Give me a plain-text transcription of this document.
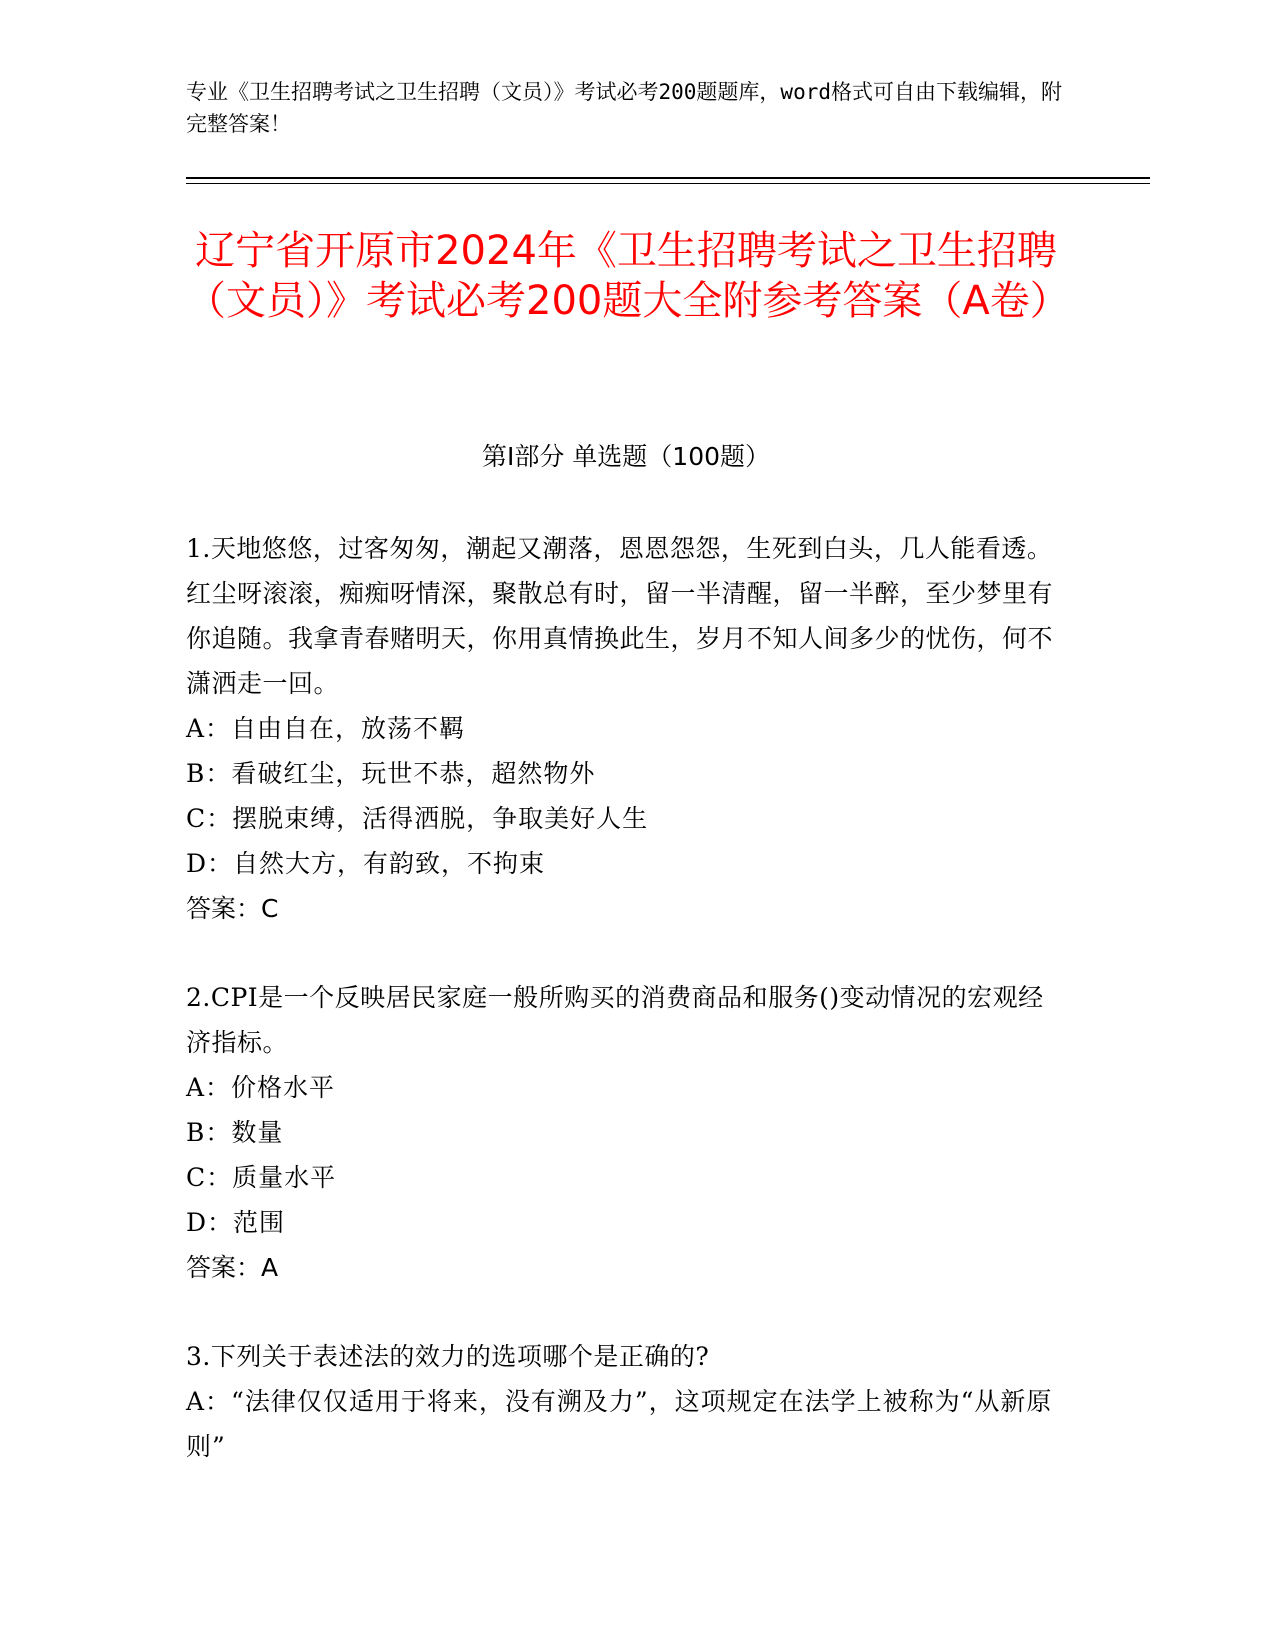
专业《卫生招聘考试之卫生招聘（文员）》考试必考200题题库，word格式可自由下载编辑，附完整答案！
辽宁省开原市2024年《卫生招聘考试之卫生招聘（文员）》考试必考200题大全附参考答案（A卷）
第I部分 单选题（100题）

1.天地悠悠，过客匆匆，潮起又潮落，恩恩怨怨，生死到白头，几人能看透。红尘呀滚滚，痴痴呀情深，聚散总有时，留一半清醒，留一半醉，至少梦里有你追随。我拿青春赌明天，你用真情换此生，岁月不知人间多少的忧伤，何不潇洒走一回。

A：自由自在，放荡不羁

B：看破红尘，玩世不恭，超然物外

C：摆脱束缚，活得洒脱，争取美好人生

D：自然大方，有韵致，不拘束

答案：C

2.CPI是一个反映居民家庭一般所购买的消费商品和服务()变动情况的宏观经济指标。

A：价格水平

B：数量

C：质量水平

D：范围

答案：A

3.下列关于表述法的效力的选项哪个是正确的?

A：“法律仅仅适用于将来，没有溯及力”，这项规定在法学上被称为“从新原则”
